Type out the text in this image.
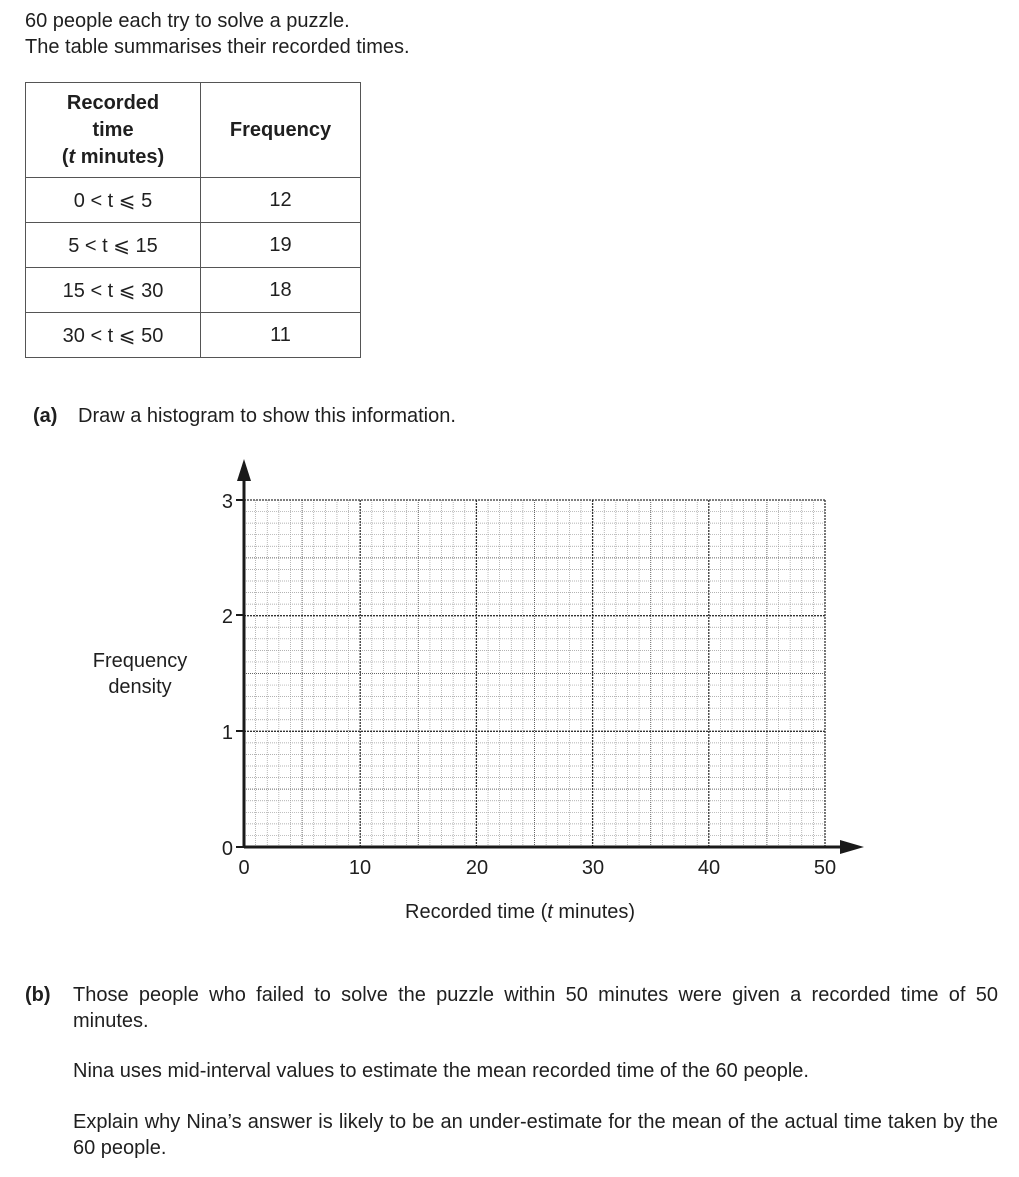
60 people each try to solve a puzzle.
The table summarises their recorded times.
Recorded
time
(t minutes)	Frequency
0 < t ⩽ 5	12
5 < t ⩽ 15	19
15 < t ⩽ 30	18
30 < t ⩽ 50	11
(a) Draw a histogram to show this information.
Frequency
density
0
1
2
3
0	10	20	30	40	50
Recorded time (t minutes)
(b) Those people who failed to solve the puzzle within 50 minutes were given a recorded time of 50 minutes.
Nina uses mid-interval values to estimate the mean recorded time of the 60 people.
Explain why Nina’s answer is likely to be an under-estimate for the mean of the actual time taken by the 60 people.
